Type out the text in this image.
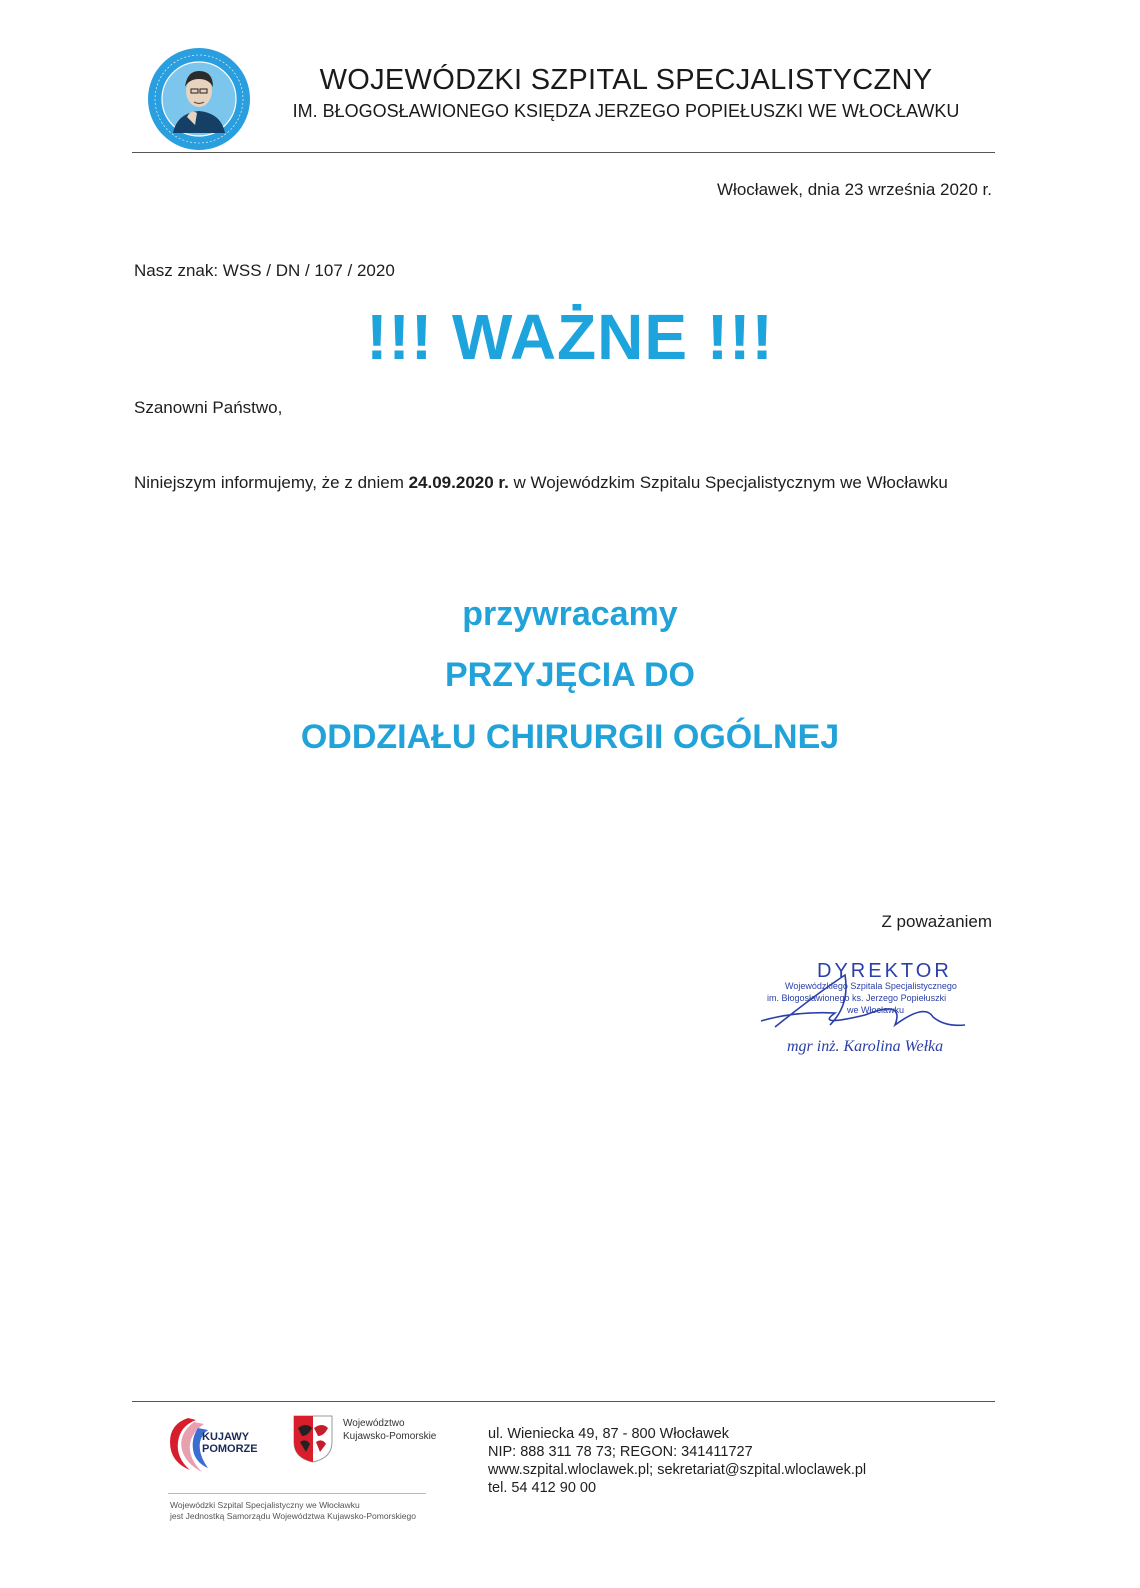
WOJEWÓDZKI SZPITAL SPECJALISTYCZNY
IM. BŁOGOSŁAWIONEGO KSIĘDZA JERZEGO POPIEŁUSZKI WE WŁOCŁAWKU
Włocławek, dnia 23 września 2020 r.
Nasz znak: WSS / DN / 107 / 2020
!!! WAŻNE !!!
Szanowni Państwo,
Niniejszym informujemy, że z dniem 24.09.2020 r. w Wojewódzkim Szpitalu Specjalistycznym we Włocławku
przywracamy
PRZYJĘCIA DO
ODDZIAŁU CHIRURGII OGÓLNEJ
Z poważaniem
DYREKTOR
Wojewódzkiego Szpitala Specjalistycznego
im. Błogosławionego ks. Jerzego Popiełuszki
we Włocławku
mgr inż. Karolina Wełka
KUJAWY
POMORZE
Województwo
Kujawsko-Pomorskie
Wojewódzki Szpital Specjalistyczny we Włocławku
jest Jednostką Samorządu Województwa Kujawsko-Pomorskiego
ul. Wieniecka 49, 87 - 800 Włocławek
NIP: 888 311 78 73; REGON: 341411727
www.szpital.wloclawek.pl; sekretariat@szpital.wloclawek.pl
tel. 54 412 90 00
